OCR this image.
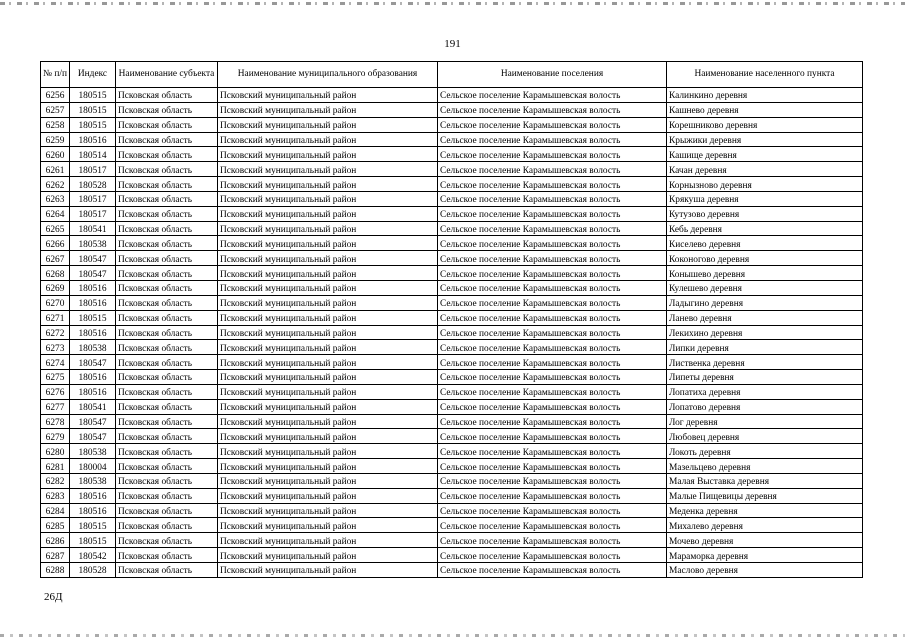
191
№ п/п	Индекс	Наименование субъекта	Наименование муниципального образования	Наименование поселения	Наименование населенного пункта
6256	180515	Псковская область	Псковский муниципальный район	Сельское поселение Карамышевская волость	Калинкино деревня
6257	180515	Псковская область	Псковский муниципальный район	Сельское поселение Карамышевская волость	Кашнево деревня
6258	180515	Псковская область	Псковский муниципальный район	Сельское поселение Карамышевская волость	Корешниково деревня
6259	180516	Псковская область	Псковский муниципальный район	Сельское поселение Карамышевская волость	Крыжики деревня
6260	180514	Псковская область	Псковский муниципальный район	Сельское поселение Карамышевская волость	Кашище деревня
6261	180517	Псковская область	Псковский муниципальный район	Сельское поселение Карамышевская волость	Качан деревня
6262	180528	Псковская область	Псковский муниципальный район	Сельское поселение Карамышевская волость	Корнызново деревня
6263	180517	Псковская область	Псковский муниципальный район	Сельское поселение Карамышевская волость	Крякуша деревня
6264	180517	Псковская область	Псковский муниципальный район	Сельское поселение Карамышевская волость	Кутузово деревня
6265	180541	Псковская область	Псковский муниципальный район	Сельское поселение Карамышевская волость	Кебь деревня
6266	180538	Псковская область	Псковский муниципальный район	Сельское поселение Карамышевская волость	Киселево деревня
6267	180547	Псковская область	Псковский муниципальный район	Сельское поселение Карамышевская волость	Коконогово деревня
6268	180547	Псковская область	Псковский муниципальный район	Сельское поселение Карамышевская волость	Конышево деревня
6269	180516	Псковская область	Псковский муниципальный район	Сельское поселение Карамышевская волость	Кулешево деревня
6270	180516	Псковская область	Псковский муниципальный район	Сельское поселение Карамышевская волость	Ладыгино деревня
6271	180515	Псковская область	Псковский муниципальный район	Сельское поселение Карамышевская волость	Ланево деревня
6272	180516	Псковская область	Псковский муниципальный район	Сельское поселение Карамышевская волость	Лекихино деревня
6273	180538	Псковская область	Псковский муниципальный район	Сельское поселение Карамышевская волость	Липки деревня
6274	180547	Псковская область	Псковский муниципальный район	Сельское поселение Карамышевская волость	Лиственка деревня
6275	180516	Псковская область	Псковский муниципальный район	Сельское поселение Карамышевская волость	Липеты деревня
6276	180516	Псковская область	Псковский муниципальный район	Сельское поселение Карамышевская волость	Лопатиха деревня
6277	180541	Псковская область	Псковский муниципальный район	Сельское поселение Карамышевская волость	Лопатово деревня
6278	180547	Псковская область	Псковский муниципальный район	Сельское поселение Карамышевская волость	Лог деревня
6279	180547	Псковская область	Псковский муниципальный район	Сельское поселение Карамышевская волость	Любовец деревня
6280	180538	Псковская область	Псковский муниципальный район	Сельское поселение Карамышевская волость	Локоть деревня
6281	180004	Псковская область	Псковский муниципальный район	Сельское поселение Карамышевская волость	Мазельцево деревня
6282	180538	Псковская область	Псковский муниципальный район	Сельское поселение Карамышевская волость	Малая Выставка деревня
6283	180516	Псковская область	Псковский муниципальный район	Сельское поселение Карамышевская волость	Малые Пищевицы деревня
6284	180516	Псковская область	Псковский муниципальный район	Сельское поселение Карамышевская волость	Меденка деревня
6285	180515	Псковская область	Псковский муниципальный район	Сельское поселение Карамышевская волость	Михалево деревня
6286	180515	Псковская область	Псковский муниципальный район	Сельское поселение Карамышевская волость	Мочево деревня
6287	180542	Псковская область	Псковский муниципальный район	Сельское поселение Карамышевская волость	Мараморка деревня
6288	180528	Псковская область	Псковский муниципальный район	Сельское поселение Карамышевская волость	Маслово деревня
26Д
